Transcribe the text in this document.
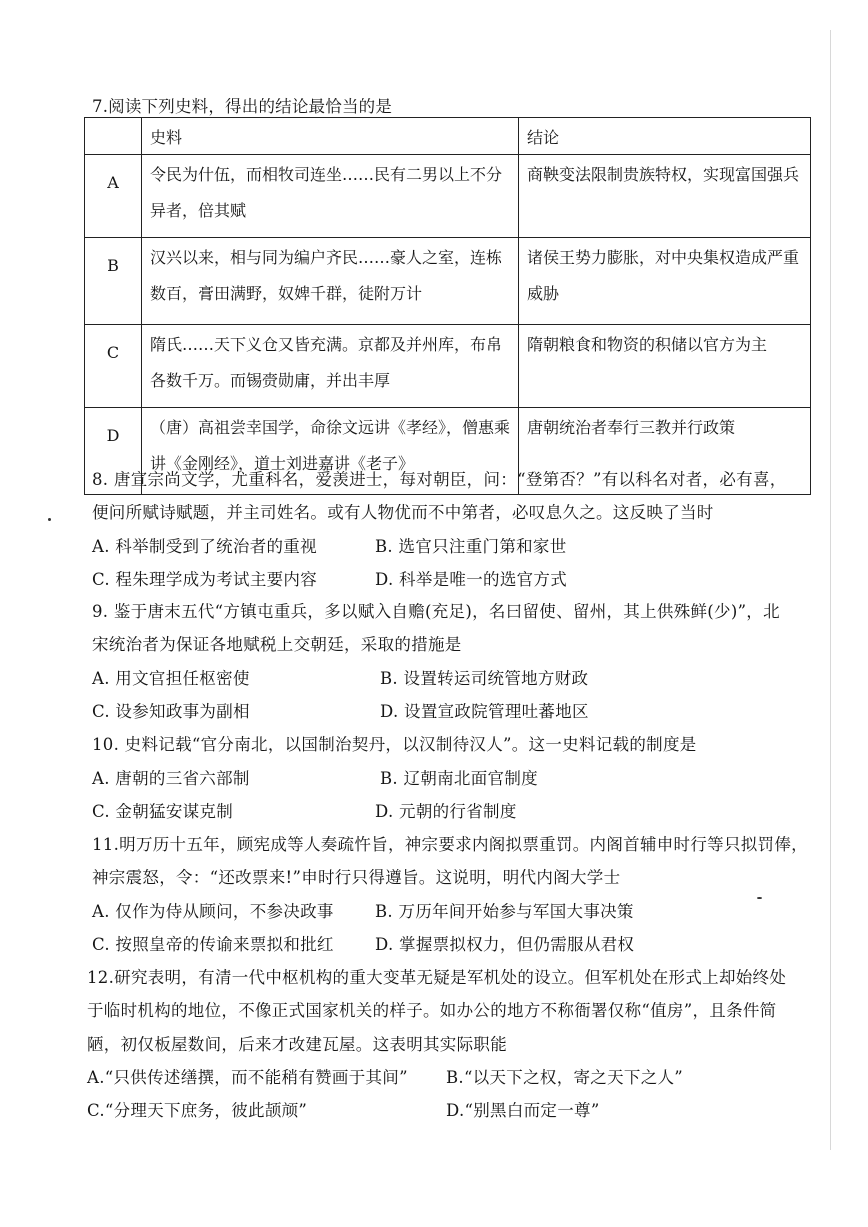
7.阅读下列史料，得出的结论最恰当的是
	史料	结论
A	令民为什伍，而相牧司连坐……民有二男以上不分异者，倍其赋	商鞅变法限制贵族特权，实现富国强兵

B	汉兴以来，相与同为编户齐民……豪人之室，连栋数百，膏田满野，奴婢千群，徒附万计	诸侯王势力膨胀，对中央集权造成严重威胁

C	隋氏……天下义仓又皆充满。京都及并州库，布帛各数千万。而锡赍勋庸，并出丰厚	隋朝粮食和物资的积储以官方为主

D	（唐）高祖尝幸国学，命徐文远讲《孝经》，僧惠乘讲《金刚经》，道士刘进嘉讲《老子》	唐朝统治者奉行三教并行政策
8. 唐宣宗尚文学，尤重科名，爱羡进士，每对朝臣，问：“登第否？”有以科名对者，必有喜，
便问所赋诗赋题，并主司姓名。或有人物优而不中第者，必叹息久之。这反映了当时
A. 科举制受到了统治者的重视	B. 选官只注重门第和家世
C. 程朱理学成为考试主要内容	D. 科举是唯一的选官方式
9. 鉴于唐末五代“方镇屯重兵，多以赋入自赡(充足)，名曰留使、留州，其上供殊鲜(少)”，北
宋统治者为保证各地赋税上交朝廷，采取的措施是
A. 用文官担任枢密使	B. 设置转运司统管地方财政
C. 设参知政事为副相	D. 设置宣政院管理吐蕃地区
10. 史料记载“官分南北，以国制治契丹，以汉制待汉人”。这一史料记载的制度是
A. 唐朝的三省六部制	B. 辽朝南北面官制度
C. 金朝猛安谋克制	D. 元朝的行省制度
11.明万历十五年，顾宪成等人奏疏忤旨，神宗要求内阁拟票重罚。内阁首辅申时行等只拟罚俸，
神宗震怒，令：“还改票来!”申时行只得遵旨。这说明，明代内阁大学士
A. 仅作为侍从顾问，不参决政事	B. 万历年间开始参与军国大事决策
C. 按照皇帝的传谕来票拟和批红 D. 掌握票拟权力，但仍需服从君权
12.研究表明，有清一代中枢机构的重大变革无疑是军机处的设立。但军机处在形式上却始终处
于临时机构的地位，不像正式国家机关的样子。如办公的地方不称衙署仅称“值房”，且条件简
陋，初仅板屋数间，后来才改建瓦屋。这表明其实际职能
A.“只供传述缮撰，而不能稍有赞画于其间” B.“以天下之权，寄之天下之人”
C.“分理天下庶务，彼此颉颃”	D.“别黑白而定一尊”
